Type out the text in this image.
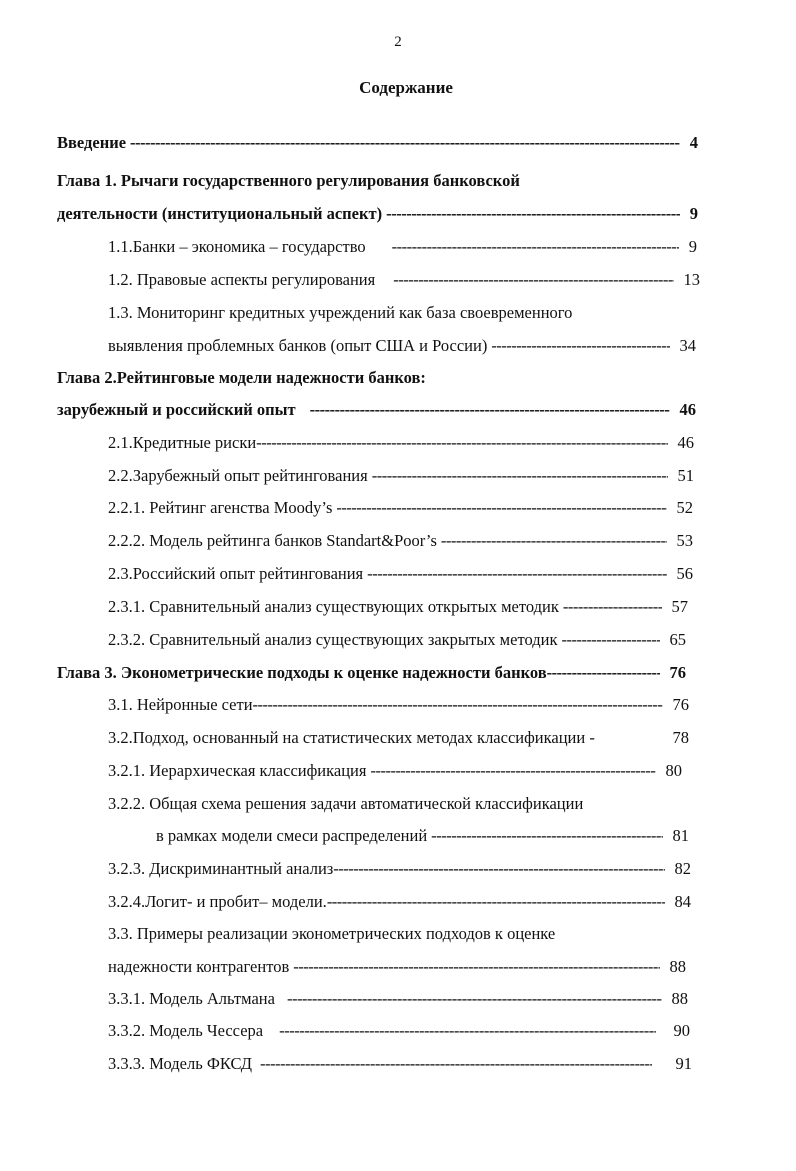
2
Содержание
Введение -----	4
Глава 1. Рычаги государственного регулирования банковской
деятельности (институциональный аспект) -----	9
1.1.Банки – экономика – государство -----	9
1.2. Правовые аспекты регулирования -----	13
1.3. Мониторинг кредитных учреждений как база своевременного
выявления проблемных банков (опыт США и России) -----	34
Глава 2.Рейтинговые модели надежности банков:
зарубежный и российский опыт -----	46
2.1.Кредитные риски -----	46
2.2.Зарубежный опыт рейтингования -----	51
2.2.1. Рейтинг агенства Moody’s -----	52
2.2.2. Модель рейтинга банков Standart&Poor’s -----	53
2.3.Российский опыт рейтингования -----	56
2.3.1. Сравнительный анализ существующих открытых методик -----	57
2.3.2. Сравнительный анализ существующих закрытых методик -----	65
Глава 3. Эконометрические подходы к оценке надежности банков -----	76
3.1. Нейронные сети -----	76
3.2.Подход, основанный на статистических методах классификации -	78
3.2.1. Иерархическая классификация -----	80
3.2.2. Общая схема решения задачи автоматической классификации
в рамках модели смеси распределений -----	81
3.2.3. Дискриминантный анализ -----	82
3.2.4.Логит- и пробит– модели. -----	84
3.3. Примеры реализации эконометрических подходов к оценке
надежности контрагентов -----	88
3.3.1. Модель Альтмана -----	88
3.3.2. Модель Чессера -----	90
3.3.3. Модель ФКСД -----	91
